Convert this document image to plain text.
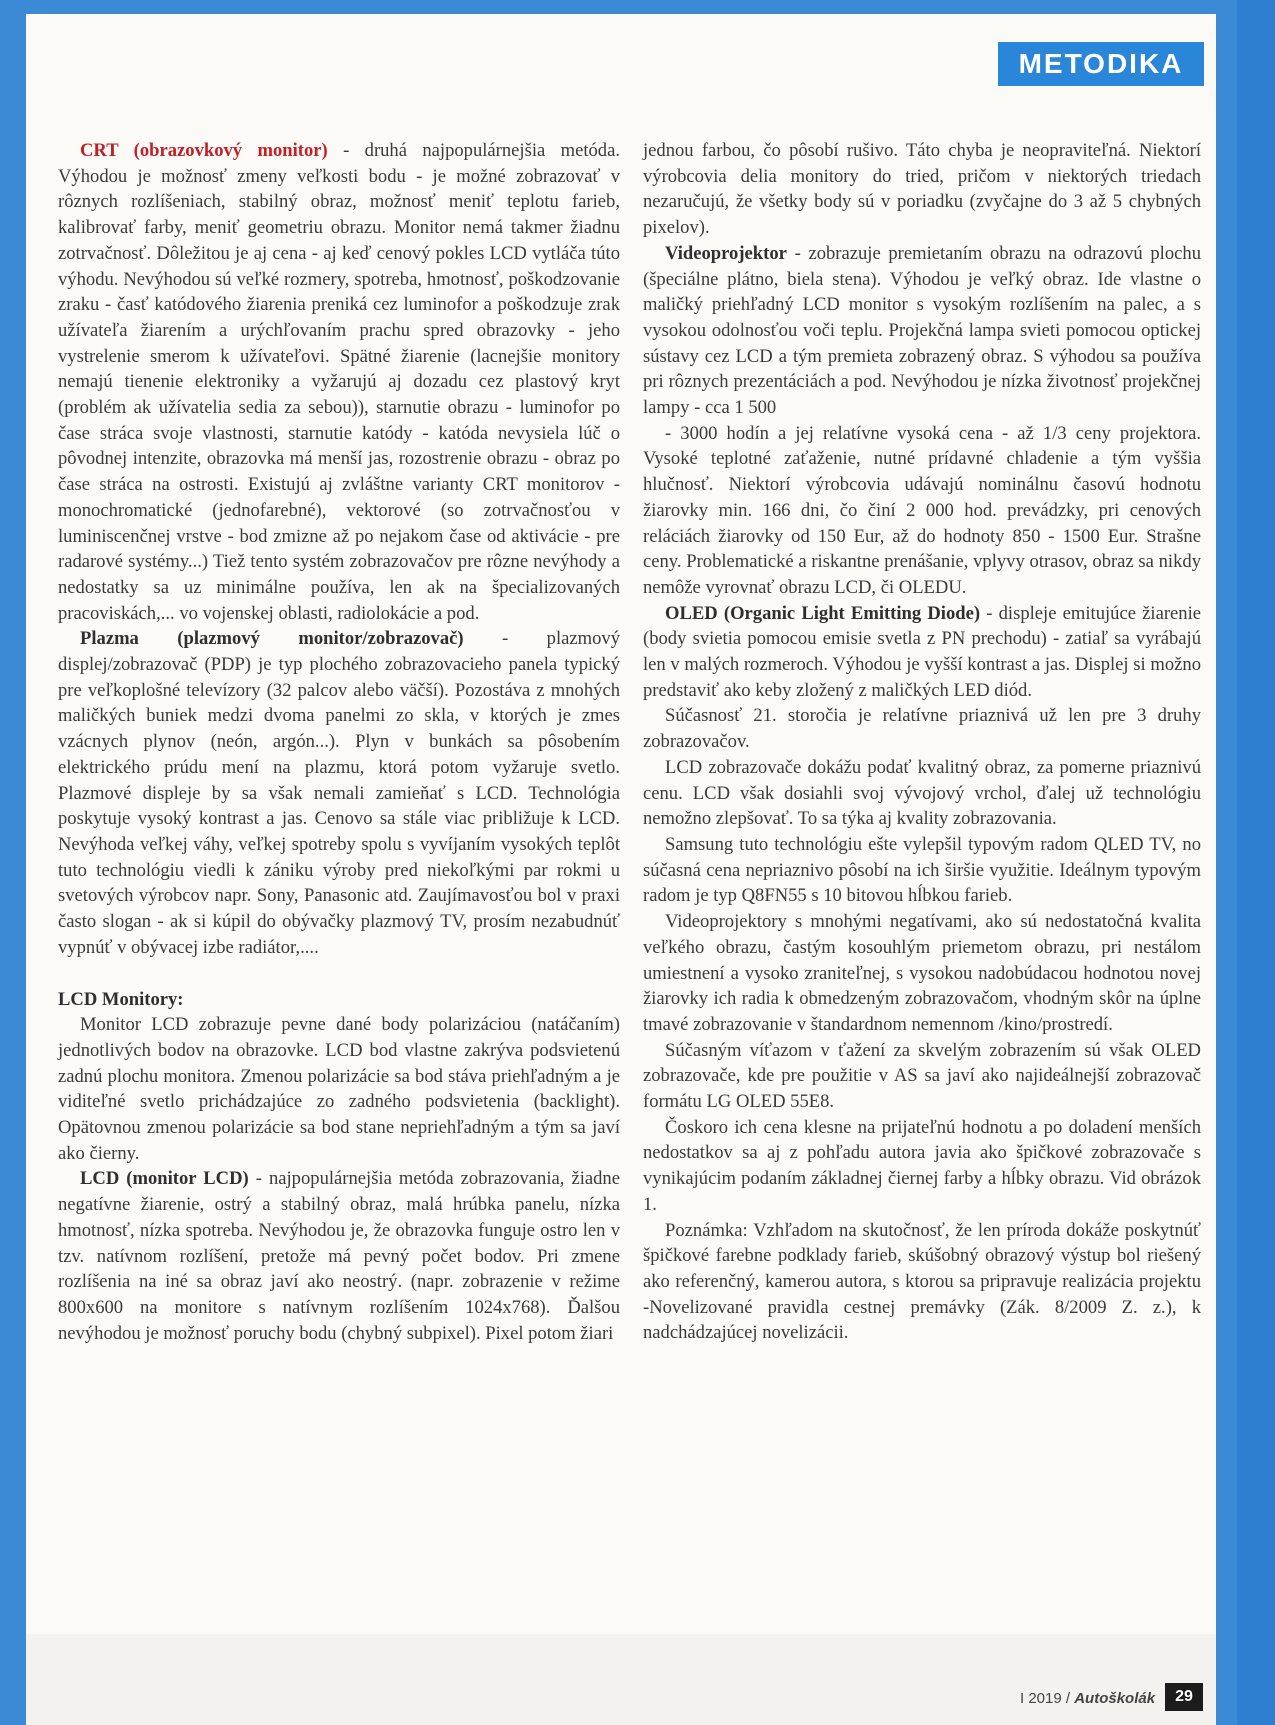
METODIKA

CRT (obrazovkový monitor) - druhá najpopulárnejšia metóda. Výhodou je možnosť zmeny veľkosti bodu - je možné zobrazovať v rôznych rozlíšeniach, stabilný obraz, možnosť meniť teplotu farieb, kalibrovať farby, meniť geometriu obrazu. Monitor nemá takmer žiadnu zotrvačnosť. Dôležitou je aj cena - aj keď cenový pokles LCD vytláča túto výhodu. Nevýhodou sú veľké rozmery, spotreba, hmotnosť, poškodzovanie zraku - časť katódového žiarenia preniká cez luminofor a poškodzuje zrak užívateľa žiarením a urýchľovaním prachu spred obrazovky - jeho vystrelenie smerom k užívateľovi. Spätné žiarenie (lacnejšie monitory nemajú tienenie elektroniky a vyžarujú aj dozadu cez plastový kryt (problém ak užívatelia sedia za sebou)), starnutie obrazu - luminofor po čase stráca svoje vlastnosti, starnutie katódy - katóda nevysiela lúč o pôvodnej intenzite, obrazovka má menší jas, rozostrenie obrazu - obraz po čase stráca na ostrosti. Existujú aj zvláštne varianty CRT monitorov - monochromatické (jednofarebné), vektorové (so zotrvačnosťou v luminiscenčnej vrstve - bod zmizne až po nejakom čase od aktivácie - pre radarové systémy...) Tiež tento systém zobrazovačov pre rôzne nevýhody a nedostatky sa uz minimálne používa, len ak na špecializovaných pracoviskách,... vo vojenskej oblasti, radiolokácie a pod.

Plazma (plazmový monitor/zobrazovač) - plazmový displej/zobrazovač (PDP) je typ plochého zobrazovacieho panela typický pre veľkoplošné televízory (32 palcov alebo väčší). Pozostáva z mnohých maličkých buniek medzi dvoma panelmi zo skla, v ktorých je zmes vzácnych plynov (neón, argón...). Plyn v bunkách sa pôsobením elektrického prúdu mení na plazmu, ktorá potom vyžaruje svetlo. Plazmové displeje by sa však nemali zamieňať s LCD. Technológia poskytuje vysoký kontrast a jas. Cenovo sa stále viac približuje k LCD. Nevýhoda veľkej váhy, veľkej spotreby spolu s vyvíjaním vysokých teplôt tuto technológiu viedli k zániku výroby pred niekoľkými par rokmi u svetových výrobcov napr. Sony, Panasonic atd. Zaujímavosťou bol v praxi často slogan - ak si kúpil do obývačky plazmový TV, prosím nezabudnúť vypnúť v obývacej izbe radiátor,....

LCD Monitory:

Monitor LCD zobrazuje pevne dané body polarizáciou (natáčaním) jednotlivých bodov na obrazovke. LCD bod vlastne zakrýva podsvietenú zadnú plochu monitora. Zmenou polarizácie sa bod stáva priehľadným a je viditeľné svetlo prichádzajúce zo zadného podsvietenia (backlight). Opätovnou zmenou polarizácie sa bod stane nepriehľadným a tým sa javí ako čierny.

LCD (monitor LCD) - najpopulárnejšia metóda zobrazovania, žiadne negatívne žiarenie, ostrý a stabilný obraz, malá hrúbka panelu, nízka hmotnosť, nízka spotreba. Nevýhodou je, že obrazovka funguje ostro len v tzv. natívnom rozlíšení, pretože má pevný počet bodov. Pri zmene rozlíšenia na iné sa obraz javí ako neostrý. (napr. zobrazenie v režime 800x600 na monitore s natívnym rozlíšením 1024x768). Ďalšou nevýhodou je možnosť poruchy bodu (chybný subpixel). Pixel potom žiari

jednou farbou, čo pôsobí rušivo. Táto chyba je neopraviteľná. Niektorí výrobcovia delia monitory do tried, pričom v niektorých triedach nezaručujú, že všetky body sú v poriadku (zvyčajne do 3 až 5 chybných pixelov).

Videoprojektor - zobrazuje premietaním obrazu na odrazovú plochu (špeciálne plátno, biela stena). Výhodou je veľký obraz. Ide vlastne o maličký priehľadný LCD monitor s vysokým rozlíšením na palec, a s vysokou odolnosťou voči teplu. Projekčná lampa svieti pomocou optickej sústavy cez LCD a tým premieta zobrazený obraz. S výhodou sa používa pri rôznych prezentáciách a pod. Nevýhodou je nízka životnosť projekčnej lampy - cca 1 500

- 3000 hodín a jej relatívne vysoká cena - až 1/3 ceny projektora. Vysoké teplotné zaťaženie, nutné prídavné chladenie a tým vyššia hlučnosť. Niektorí výrobcovia udávajú nominálnu časovú hodnotu žiarovky min. 166 dni, čo činí 2 000 hod. prevádzky, pri cenových reláciách žiarovky od 150 Eur, až do hodnoty 850 - 1500 Eur. Strašne ceny. Problematické a riskantne prenášanie, vplyvy otrasov, obraz sa nikdy nemôže vyrovnať obrazu LCD, či OLEDU.

OLED (Organic Light Emitting Diode) - displeje emitujúce žiarenie (body svietia pomocou emisie svetla z PN prechodu) - zatiaľ sa vyrábajú len v malých rozmeroch. Výhodou je vyšší kontrast a jas. Displej si možno predstaviť ako keby zložený z maličkých LED diód.

Súčasnosť 21. storočia je relatívne priaznivá už len pre 3 druhy zobrazovačov.

LCD zobrazovače dokážu podať kvalitný obraz, za pomerne priaznivú cenu. LCD však dosiahli svoj vývojový vrchol, ďalej už technológiu nemožno zlepšovať. To sa týka aj kvality zobrazovania.

Samsung tuto technológiu ešte vylepšil typovým radom QLED TV, no súčasná cena nepriaznivo pôsobí na ich širšie využitie. Ideálnym typovým radom je typ Q8FN55 s 10 bitovou hĺbkou farieb.

Videoprojektory s mnohými negatívami, ako sú nedostatočná kvalita veľkého obrazu, častým kosouhlým priemetom obrazu, pri nestálom umiestnení a vysoko zraniteľnej, s vysokou nadobúdacou hodnotou novej žiarovky ich radia k obmedzeným zobrazovačom, vhodným skôr na úplne tmavé zobrazovanie v štandardnom nemennom /kino/prostredí.

Súčasným víťazom v ťažení za skvelým zobrazením sú však OLED zobrazovače, kde pre použitie v AS sa javí ako najideálnejší zobrazovač formátu LG OLED 55E8.

Čoskoro ich cena klesne na prijateľnú hodnotu a po doladení menších nedostatkov sa aj z pohľadu autora javia ako špičkové zobrazovače s vynikajúcim podaním základnej čiernej farby a hĺbky obrazu. Vid obrázok 1.

Poznámka: Vzhľadom na skutočnosť, že len príroda dokáže poskytnúť špičkové farebne podklady farieb, skúšobný obrazový výstup bol riešený ako referenčný, kamerou autora, s ktorou sa pripravuje realizácia projektu -Novelizované pravidla cestnej premávky (Zák. 8/2009 Z. z.), k nadchádzajúcej novelizácii.

I 2019 / Autoškolák	29
